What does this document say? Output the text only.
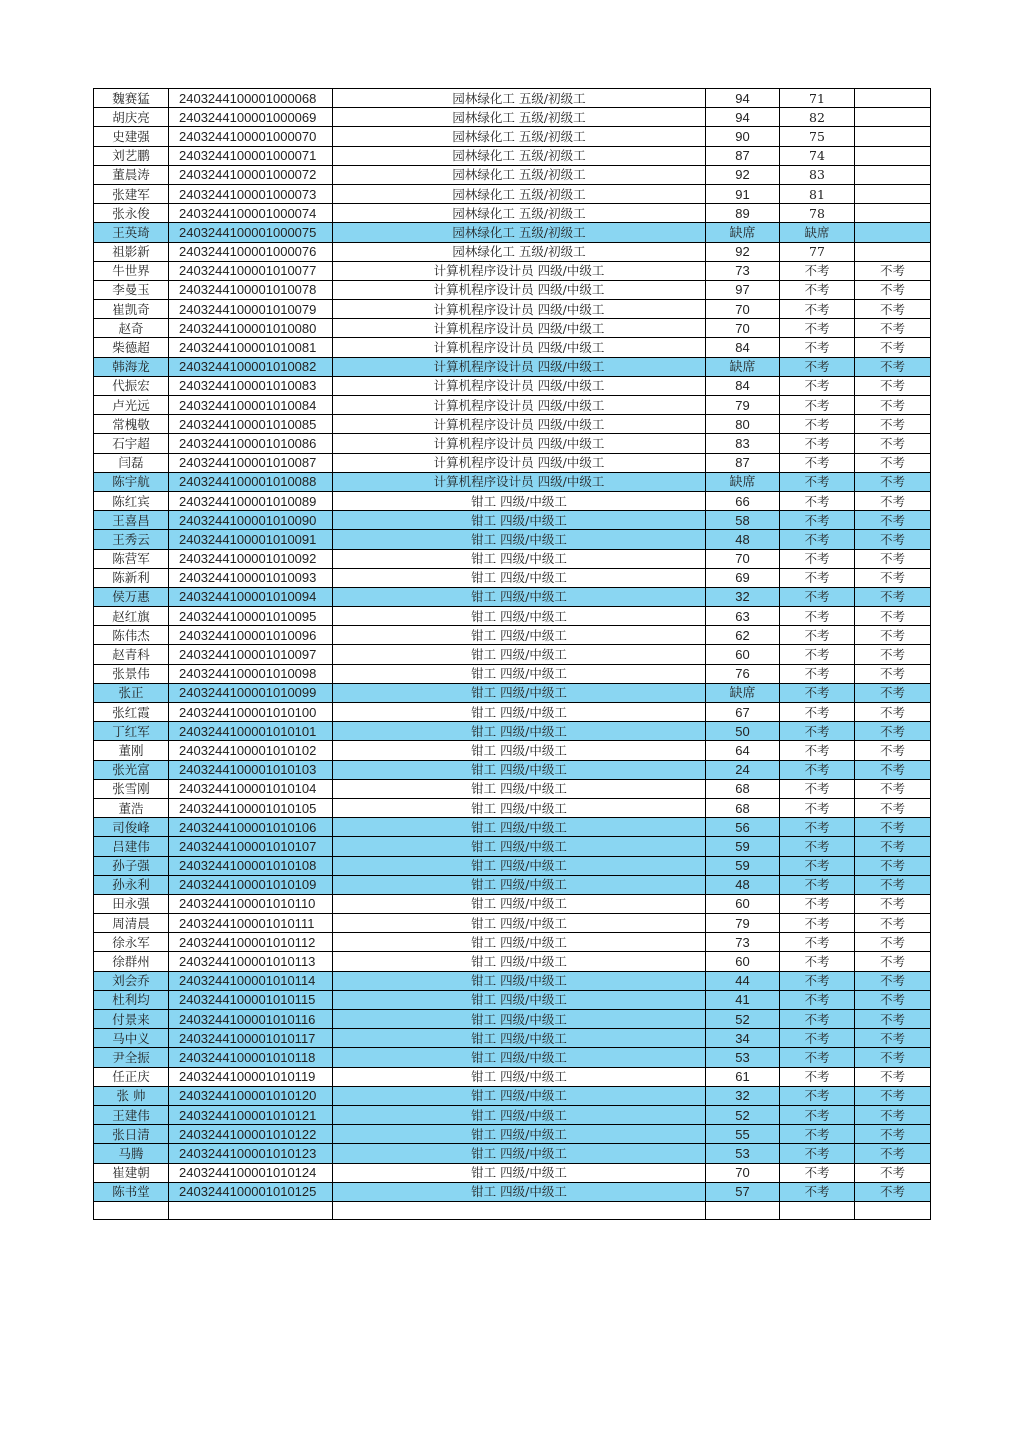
魏赛猛	2403244100001000068	园林绿化工 五级/初级工	94	71	
胡庆亮	2403244100001000069	园林绿化工 五级/初级工	94	82	
史建强	2403244100001000070	园林绿化工 五级/初级工	90	75	
刘艺鹏	2403244100001000071	园林绿化工 五级/初级工	87	74	
董晨涛	2403244100001000072	园林绿化工 五级/初级工	92	83	
张建军	2403244100001000073	园林绿化工 五级/初级工	91	81	
张永俊	2403244100001000074	园林绿化工 五级/初级工	89	78	
王英琦	2403244100001000075	园林绿化工 五级/初级工	缺席	缺席	
祖影新	2403244100001000076	园林绿化工 五级/初级工	92	77	
牛世界	2403244100001010077	计算机程序设计员 四级/中级工	73	不考	不考
李曼玉	2403244100001010078	计算机程序设计员 四级/中级工	97	不考	不考
崔凯奇	2403244100001010079	计算机程序设计员 四级/中级工	70	不考	不考
赵奇	2403244100001010080	计算机程序设计员 四级/中级工	70	不考	不考
柴德超	2403244100001010081	计算机程序设计员 四级/中级工	84	不考	不考
韩海龙	2403244100001010082	计算机程序设计员 四级/中级工	缺席	不考	不考
代振宏	2403244100001010083	计算机程序设计员 四级/中级工	84	不考	不考
卢光远	2403244100001010084	计算机程序设计员 四级/中级工	79	不考	不考
常槐敬	2403244100001010085	计算机程序设计员 四级/中级工	80	不考	不考
石宇超	2403244100001010086	计算机程序设计员 四级/中级工	83	不考	不考
闫磊	2403244100001010087	计算机程序设计员 四级/中级工	87	不考	不考
陈宇航	2403244100001010088	计算机程序设计员 四级/中级工	缺席	不考	不考
陈红宾	2403244100001010089	钳工 四级/中级工	66	不考	不考
王喜昌	2403244100001010090	钳工 四级/中级工	58	不考	不考
王秀云	2403244100001010091	钳工 四级/中级工	48	不考	不考
陈营军	2403244100001010092	钳工 四级/中级工	70	不考	不考
陈新利	2403244100001010093	钳工 四级/中级工	69	不考	不考
侯万惠	2403244100001010094	钳工 四级/中级工	32	不考	不考
赵红旗	2403244100001010095	钳工 四级/中级工	63	不考	不考
陈伟杰	2403244100001010096	钳工 四级/中级工	62	不考	不考
赵青科	2403244100001010097	钳工 四级/中级工	60	不考	不考
张景伟	2403244100001010098	钳工 四级/中级工	76	不考	不考
张正	2403244100001010099	钳工 四级/中级工	缺席	不考	不考
张红霞	2403244100001010100	钳工 四级/中级工	67	不考	不考
丁红军	2403244100001010101	钳工 四级/中级工	50	不考	不考
董刚	2403244100001010102	钳工 四级/中级工	64	不考	不考
张光富	2403244100001010103	钳工 四级/中级工	24	不考	不考
张雪刚	2403244100001010104	钳工 四级/中级工	68	不考	不考
董浩	2403244100001010105	钳工 四级/中级工	68	不考	不考
司俊峰	2403244100001010106	钳工 四级/中级工	56	不考	不考
吕建伟	2403244100001010107	钳工 四级/中级工	59	不考	不考
孙子强	2403244100001010108	钳工 四级/中级工	59	不考	不考
孙永利	2403244100001010109	钳工 四级/中级工	48	不考	不考
田永强	2403244100001010110	钳工 四级/中级工	60	不考	不考
周清晨	2403244100001010111	钳工 四级/中级工	79	不考	不考
徐永军	2403244100001010112	钳工 四级/中级工	73	不考	不考
徐群州	2403244100001010113	钳工 四级/中级工	60	不考	不考
刘会乔	2403244100001010114	钳工 四级/中级工	44	不考	不考
杜利均	2403244100001010115	钳工 四级/中级工	41	不考	不考
付景来	2403244100001010116	钳工 四级/中级工	52	不考	不考
马中义	2403244100001010117	钳工 四级/中级工	34	不考	不考
尹全振	2403244100001010118	钳工 四级/中级工	53	不考	不考
任正庆	2403244100001010119	钳工 四级/中级工	61	不考	不考
张 帅	2403244100001010120	钳工 四级/中级工	32	不考	不考
王建伟	2403244100001010121	钳工 四级/中级工	52	不考	不考
张日清	2403244100001010122	钳工 四级/中级工	55	不考	不考
马腾	2403244100001010123	钳工 四级/中级工	53	不考	不考
崔建朝	2403244100001010124	钳工 四级/中级工	70	不考	不考
陈书堂	2403244100001010125	钳工 四级/中级工	57	不考	不考
